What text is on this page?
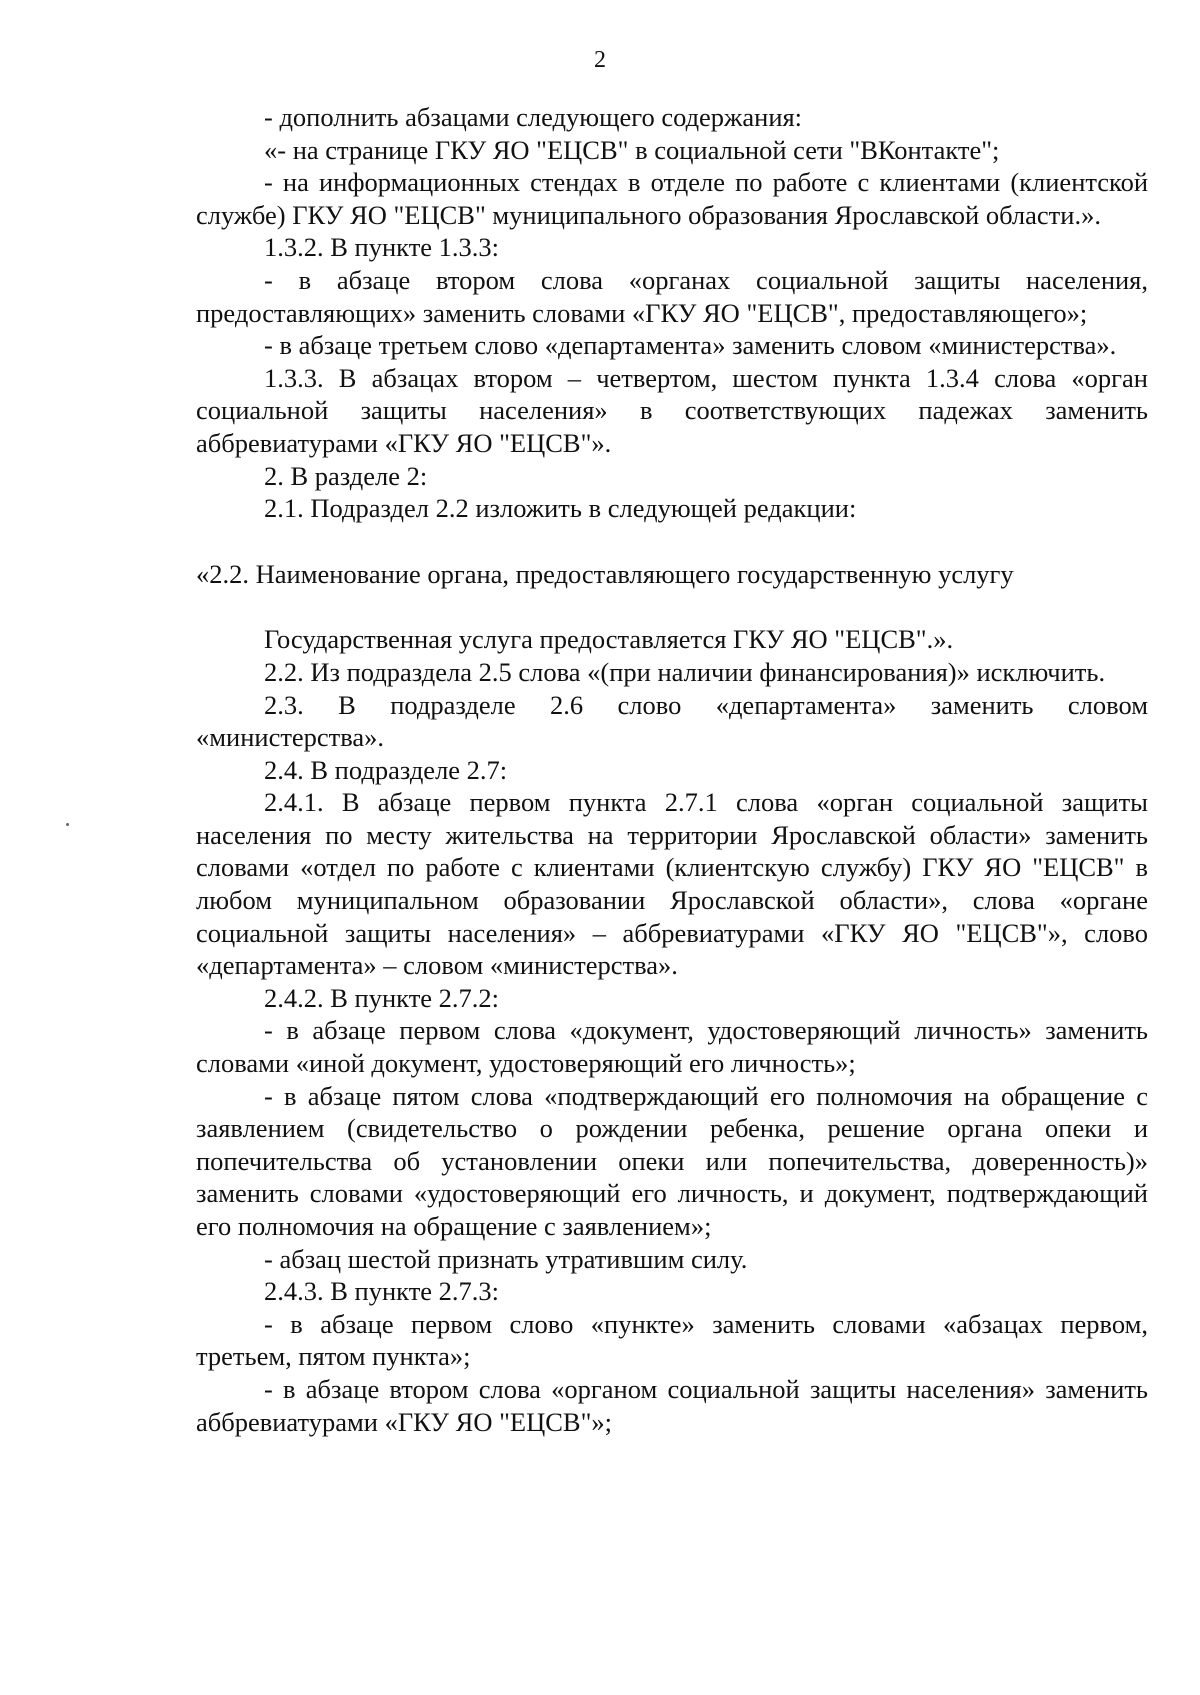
2

- дополнить абзацами следующего содержания:

«- на странице ГКУ ЯО "ЕЦСВ" в социальной сети "ВКонтакте";

- на информационных стендах в отделе по работе с клиентами (клиентской службе) ГКУ ЯО "ЕЦСВ" муниципального образования Ярославской области.».

1.3.2. В пункте 1.3.3:

- в абзаце втором слова «органах социальной защиты населения, предоставляющих» заменить словами «ГКУ ЯО "ЕЦСВ", предоставляющего»;

- в абзаце третьем слово «департамента» заменить словом «министерства».

1.3.3. В абзацах втором – четвертом, шестом пункта 1.3.4 слова «орган социальной защиты населения» в соответствующих падежах заменить аббревиатурами «ГКУ ЯО "ЕЦСВ"».

2. В разделе 2:

2.1. Подраздел 2.2 изложить в следующей редакции:

«2.2. Наименование органа, предоставляющего государственную услугу

Государственная услуга предоставляется ГКУ ЯО "ЕЦСВ".».

2.2. Из подраздела 2.5 слова «(при наличии финансирования)» исключить.

2.3. В подразделе 2.6 слово «департамента» заменить словом «министерства».

2.4. В подразделе 2.7:

2.4.1. В абзаце первом пункта 2.7.1 слова «орган социальной защиты населения по месту жительства на территории Ярославской области» заменить словами «отдел по работе с клиентами (клиентскую службу) ГКУ ЯО "ЕЦСВ" в любом муниципальном образовании Ярославской области», слова «органе социальной защиты населения» – аббревиатурами «ГКУ ЯО "ЕЦСВ"», слово «департамента» – словом «министерства».

2.4.2. В пункте 2.7.2:

- в абзаце первом слова «документ, удостоверяющий личность» заменить словами «иной документ, удостоверяющий его личность»;

- в абзаце пятом слова «подтверждающий его полномочия на обращение с заявлением (свидетельство о рождении ребенка, решение органа опеки и попечительства об установлении опеки или попечительства, доверенность)» заменить словами «удостоверяющий его личность, и документ, подтверждающий его полномочия на обращение с заявлением»;

- абзац шестой признать утратившим силу.

2.4.3. В пункте 2.7.3:

- в абзаце первом слово «пункте» заменить словами «абзацах первом, третьем, пятом пункта»;

- в абзаце втором слова «органом социальной защиты населения» заменить аббревиатурами «ГКУ ЯО "ЕЦСВ"»;
